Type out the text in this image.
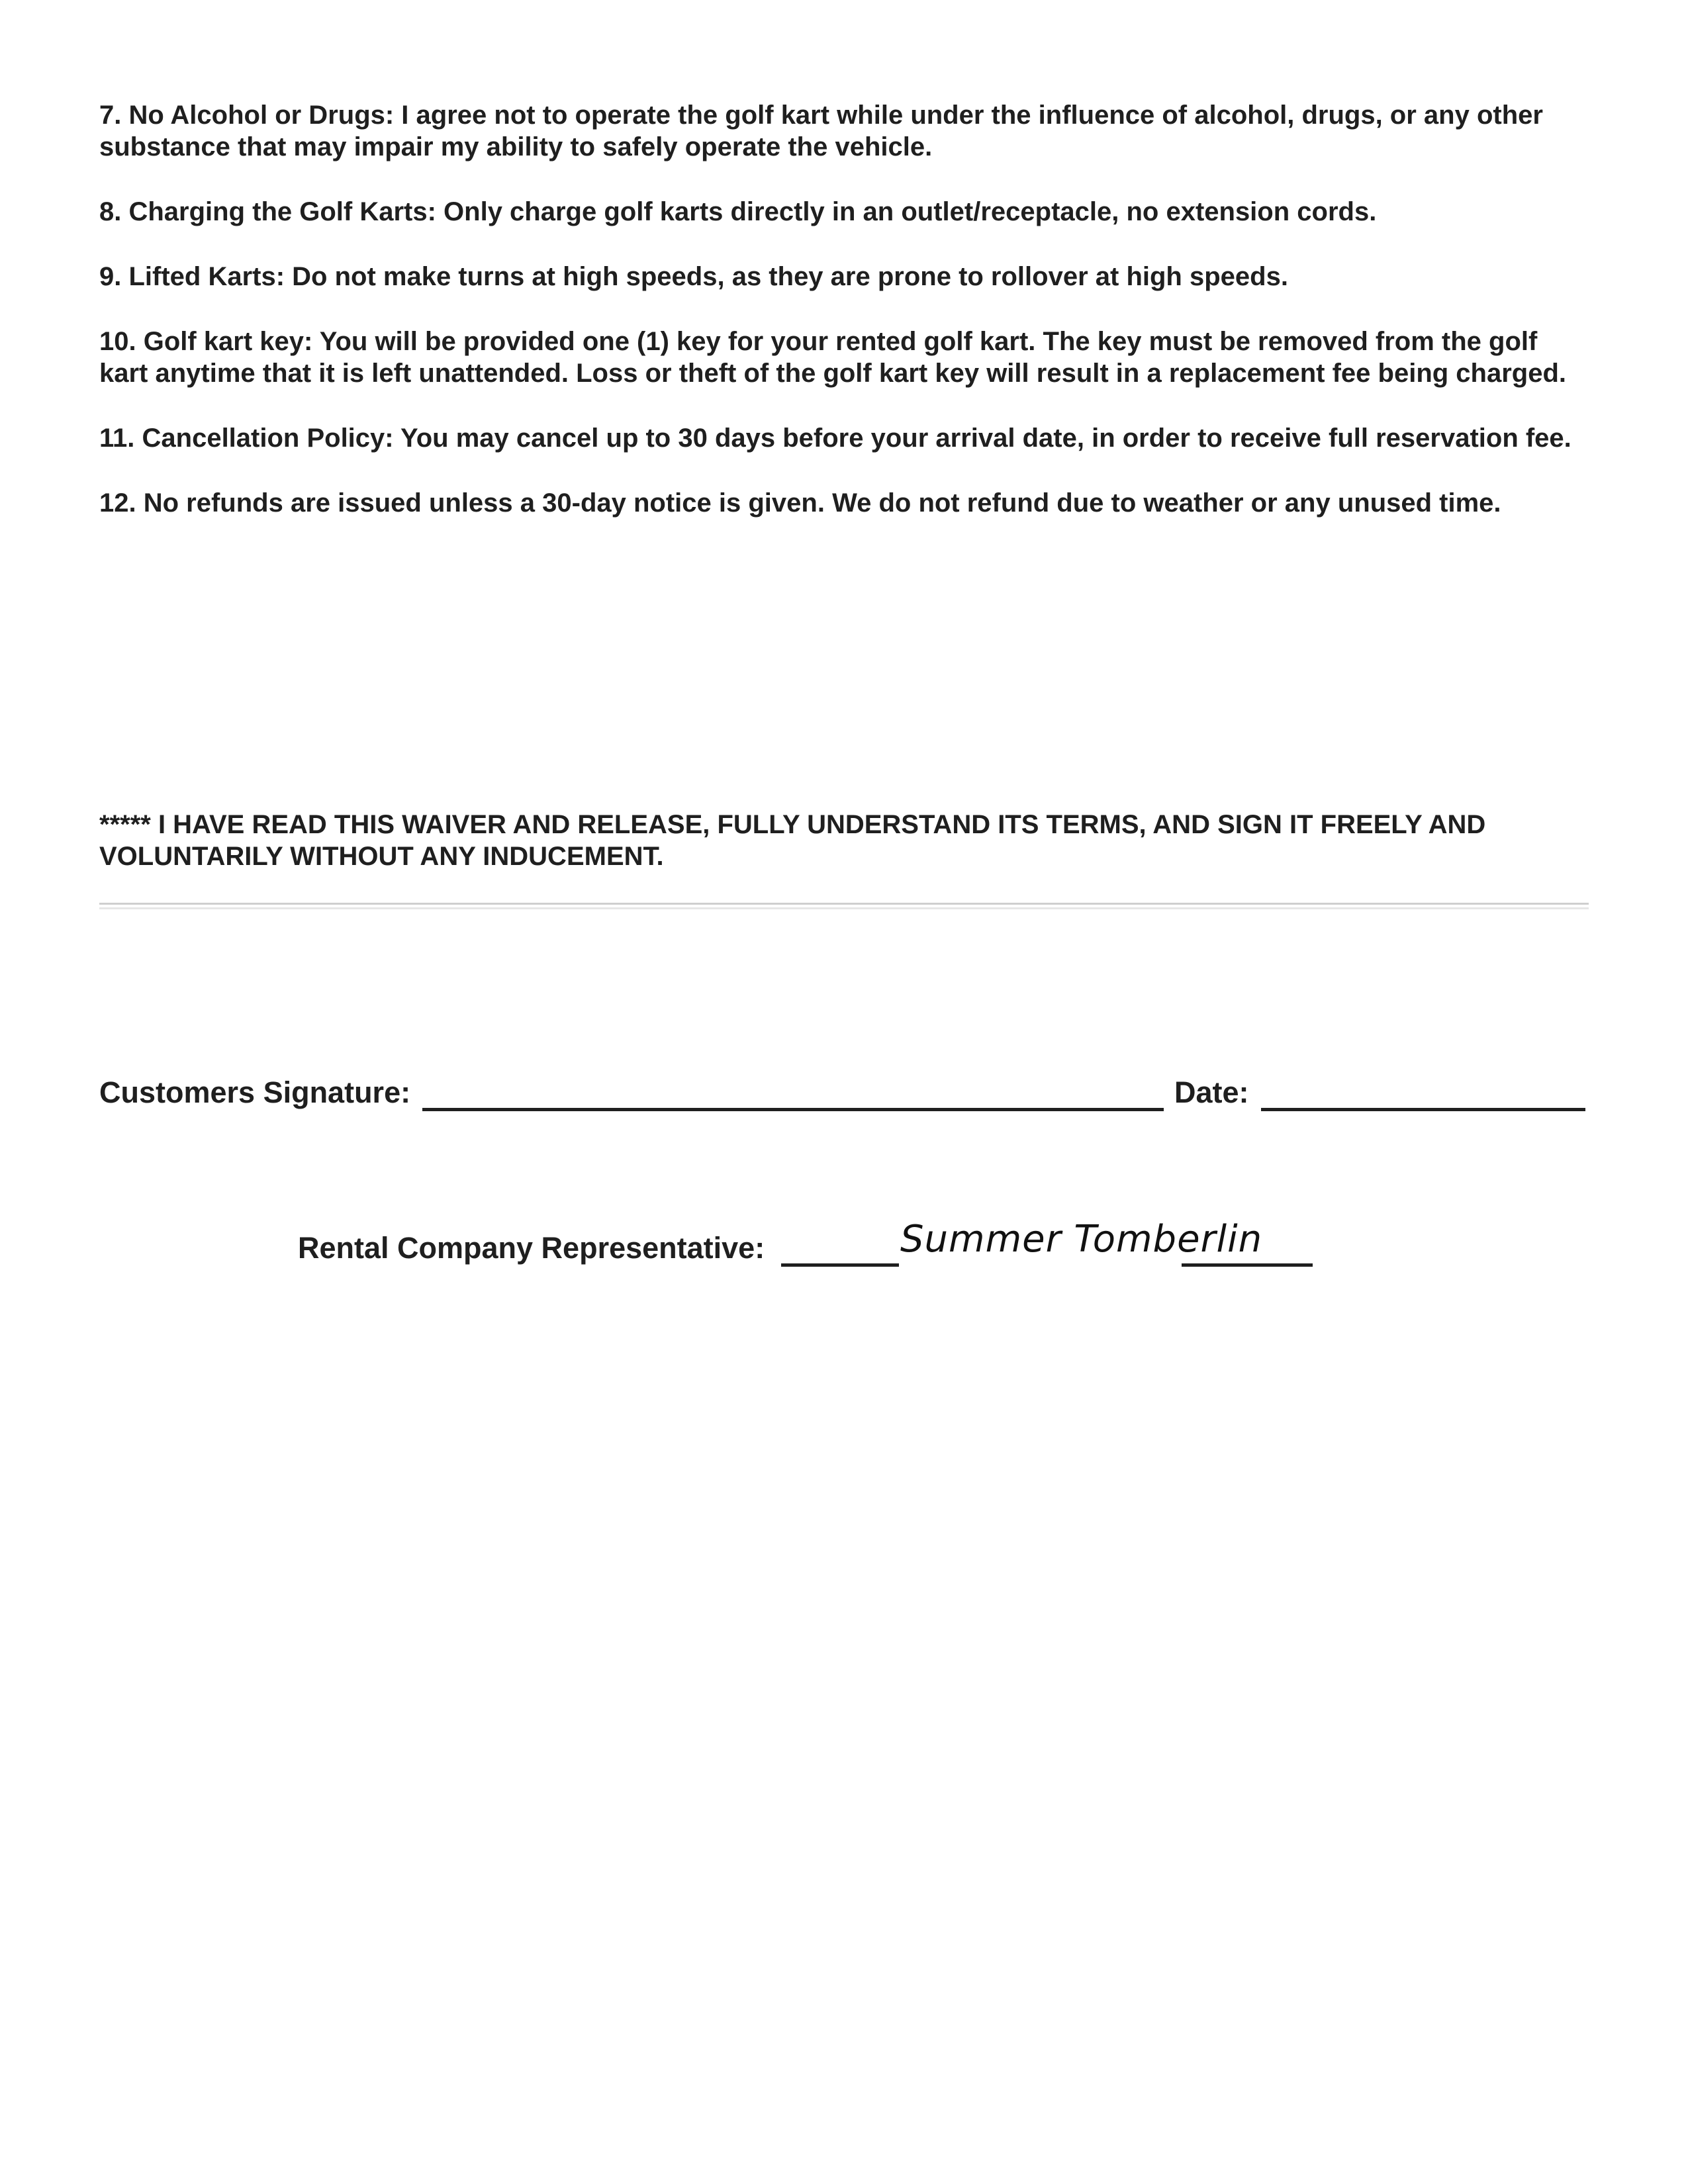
7. No Alcohol or Drugs: I agree not to operate the golf kart while under the influence of alcohol, drugs, or any other substance that may impair my ability to safely operate the vehicle.
8. Charging the Golf Karts: Only charge golf karts directly in an outlet/receptacle, no extension cords.
9. Lifted Karts: Do not make turns at high speeds, as they are prone to rollover at high speeds.
10. Golf kart key: You will be provided one (1) key for your rented golf kart. The key must be removed from the golf kart anytime that it is left unattended. Loss or theft of the golf kart key will result in a replacement fee being charged.
11. Cancellation Policy: You may cancel up to 30 days before your arrival date, in order to receive full reservation fee.
12. No refunds are issued unless a 30-day notice is given. We do not refund due to weather or any unused time.

***** I HAVE READ THIS WAIVER AND RELEASE, FULLY UNDERSTAND ITS TERMS, AND SIGN IT FREELY AND VOLUNTARILY WITHOUT ANY INDUCEMENT.

Customers Signature:	Date:
Rental Company Representative:	Summer Tomberlin
